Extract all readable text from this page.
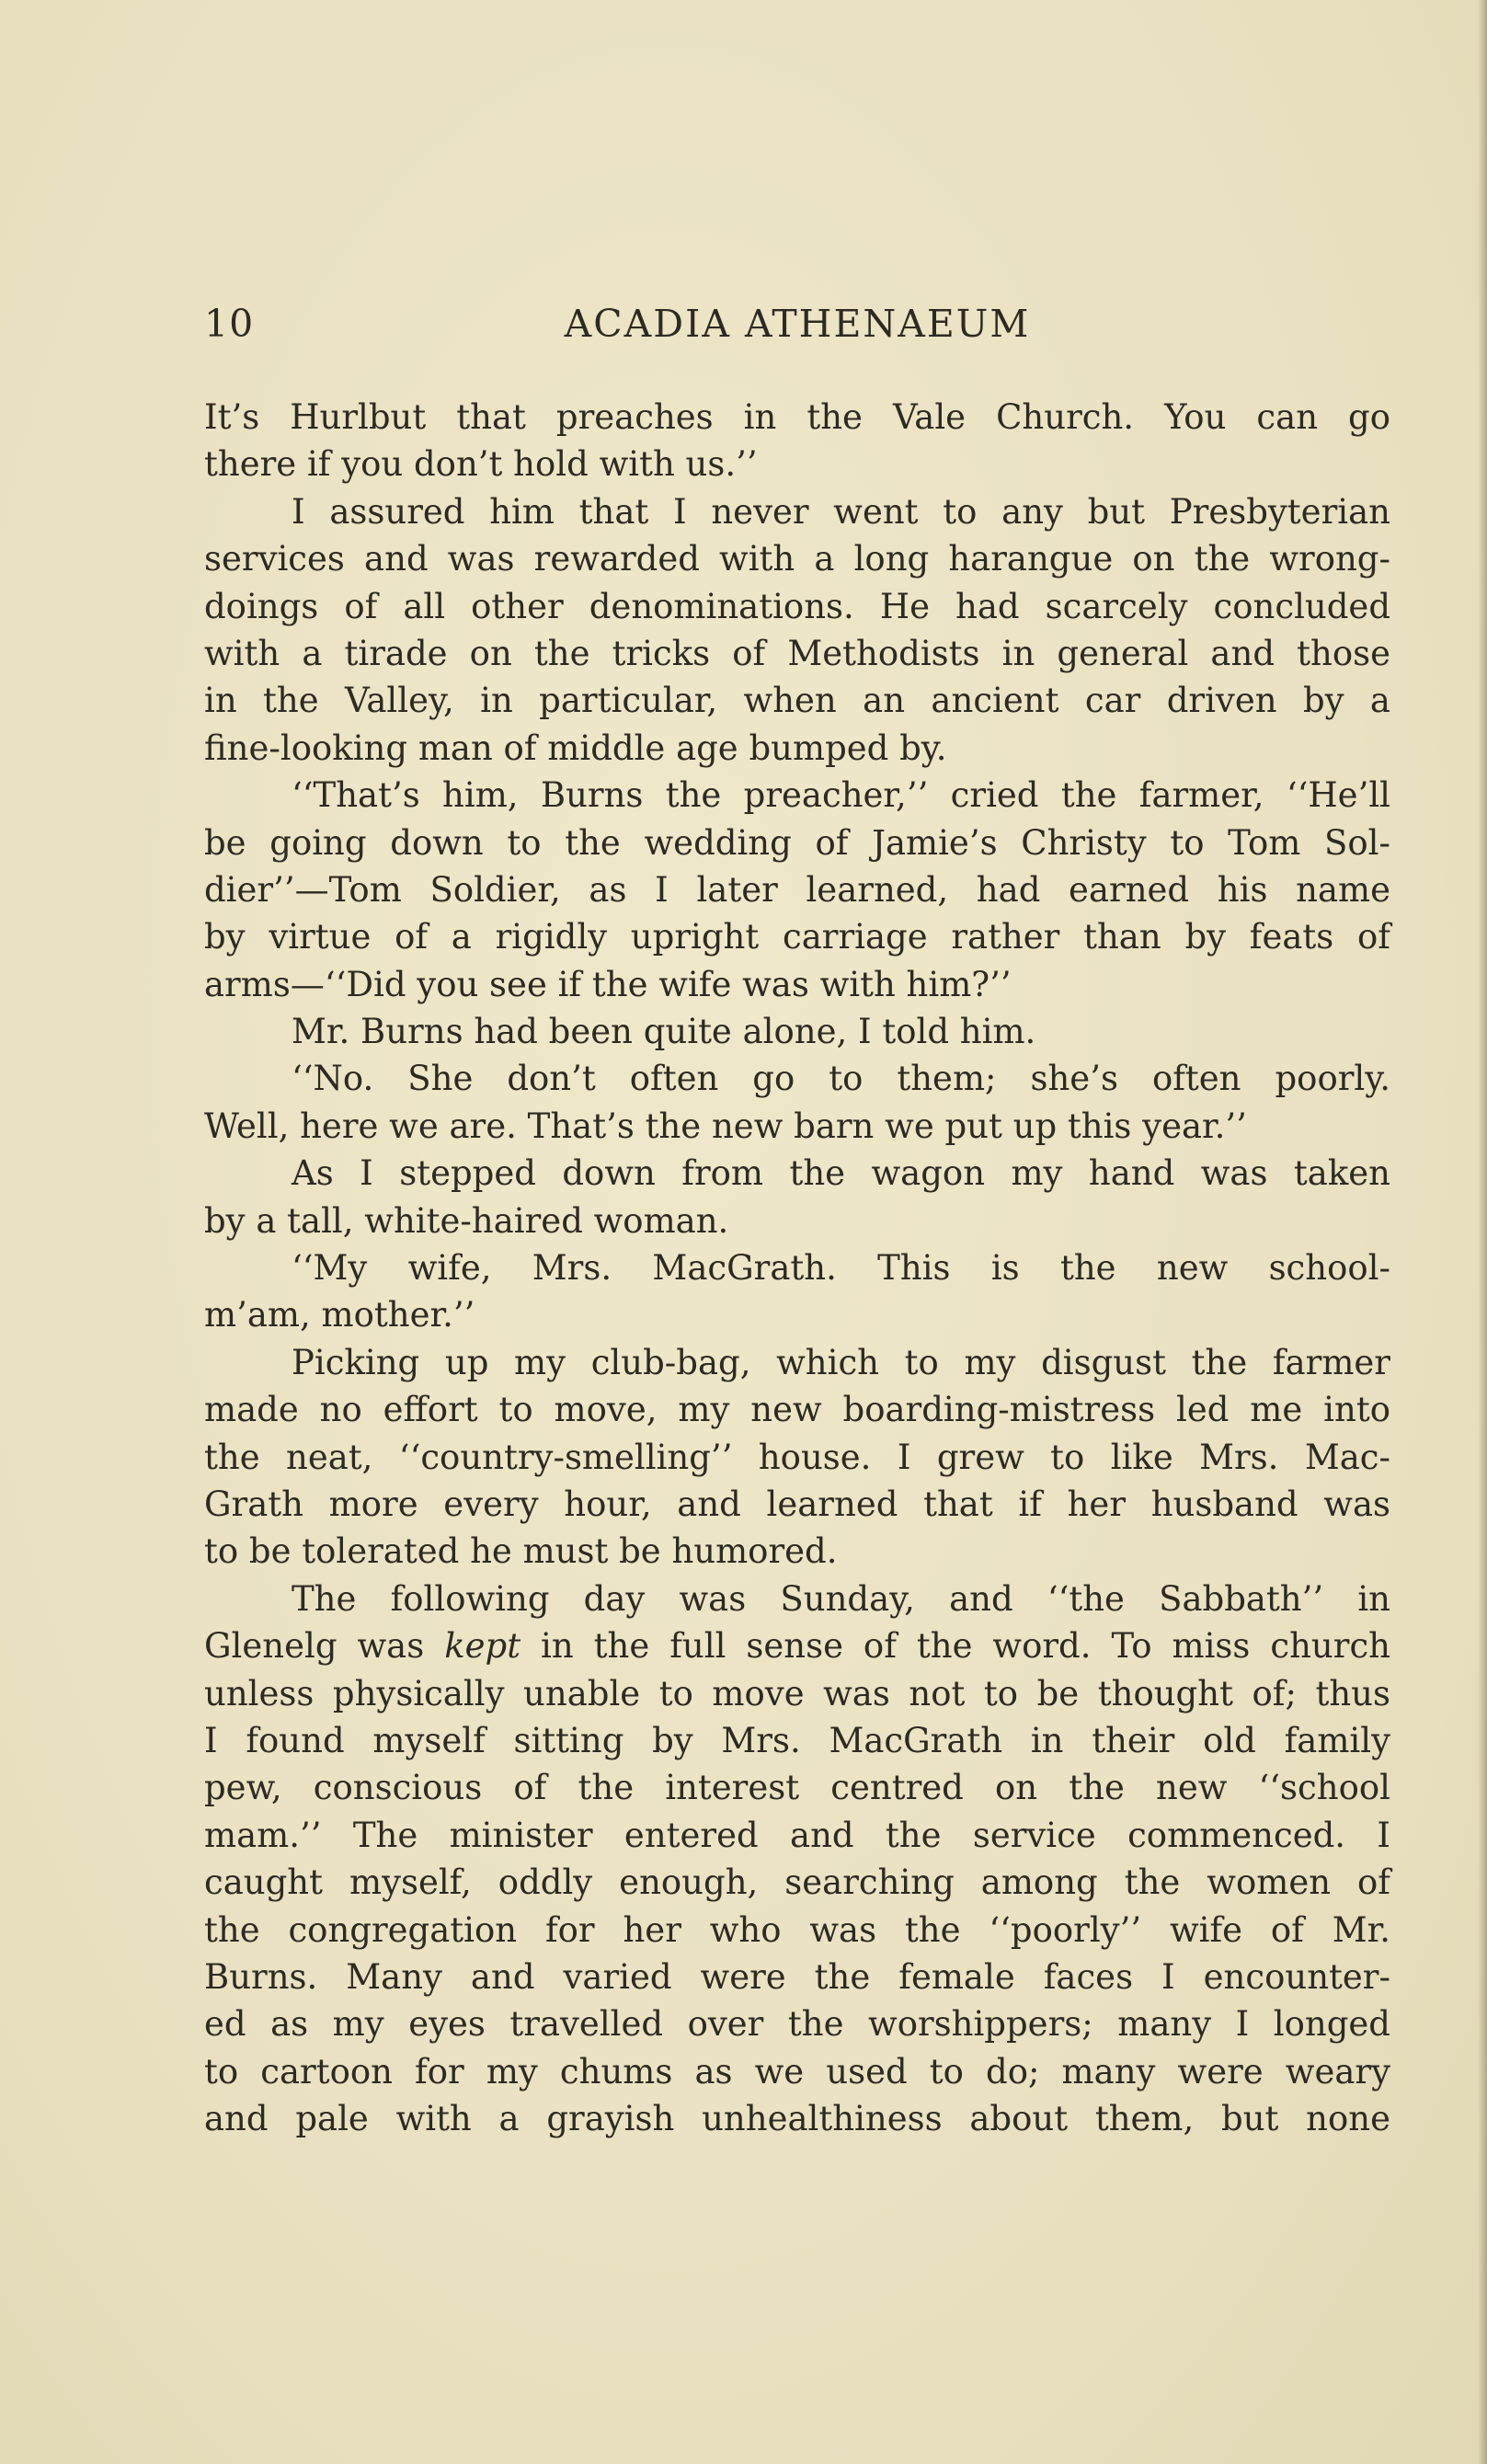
10	ACADIA ATHENAEUM
It’s Hurlbut that preaches in the Vale Church. You can go
there if you don’t hold with us.’’
I assured him that I never went to any but Presbyterian
services and was rewarded with a long harangue on the wrong-
doings of all other denominations. He had scarcely concluded
with a tirade on the tricks of Methodists in general and those
in the Valley, in particular, when an ancient car driven by a
fine-looking man of middle age bumped by.
‘‘That’s him, Burns the preacher,’’ cried the farmer, ‘‘He’ll
be going down to the wedding of Jamie’s Christy to Tom Sol-
dier’’—Tom Soldier, as I later learned, had earned his name
by virtue of a rigidly upright carriage rather than by feats of
arms—‘‘Did you see if the wife was with him?’’
Mr. Burns had been quite alone, I told him.
‘‘No. She don’t often go to them; she’s often poorly.
Well, here we are. That’s the new barn we put up this year.’’
As I stepped down from the wagon my hand was taken
by a tall, white-haired woman.
‘‘My wife, Mrs. MacGrath. This is the new school-
m’am, mother.’’
Picking up my club-bag, which to my disgust the farmer
made no effort to move, my new boarding-mistress led me into
the neat, ‘‘country-smelling’’ house. I grew to like Mrs. Mac-
Grath more every hour, and learned that if her husband was
to be tolerated he must be humored.
The following day was Sunday, and ‘‘the Sabbath’’ in
Glenelg was kept in the full sense of the word. To miss church
unless physically unable to move was not to be thought of; thus
I found myself sitting by Mrs. MacGrath in their old family
pew, conscious of the interest centred on the new ‘‘school
mam.’’ The minister entered and the service commenced. I
caught myself, oddly enough, searching among the women of
the congregation for her who was the ‘‘poorly’’ wife of Mr.
Burns. Many and varied were the female faces I encounter-
ed as my eyes travelled over the worshippers; many I longed
to cartoon for my chums as we used to do; many were weary
and pale with a grayish unhealthiness about them, but none
